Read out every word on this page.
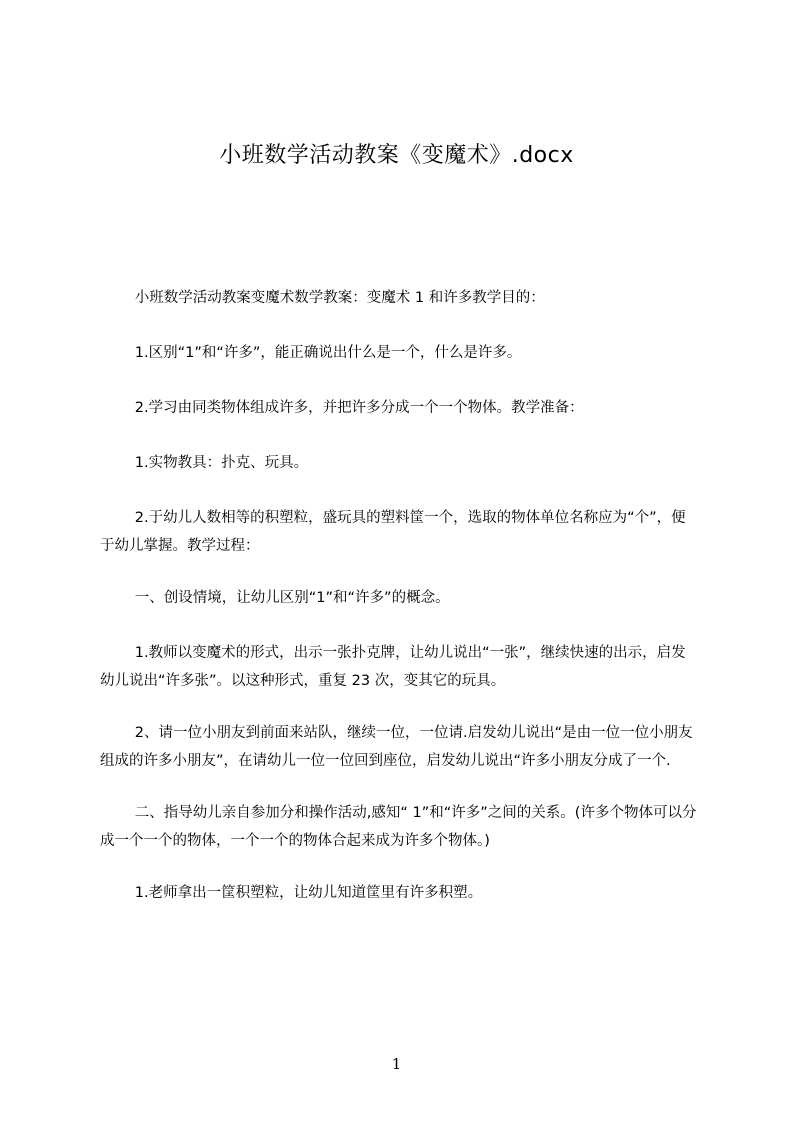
小班数学活动教案《变魔术》.docx

小班数学活动教案变魔术数学教案：变魔术 1 和许多教学目的：

1.区别“1”和“许多”，能正确说出什么是一个，什么是许多。

2.学习由同类物体组成许多，并把许多分成一个一个物体。教学准备：

1.实物教具：扑克、玩具。

2.于幼儿人数相等的积塑粒，盛玩具的塑料筐一个，选取的物体单位名称应为“个”，便于幼儿掌握。教学过程：

一、创设情境，让幼儿区别“1”和“许多”的概念。

1.教师以变魔术的形式，出示一张扑克牌，让幼儿说出“一张”，继续快速的出示，启发幼儿说出“许多张”。以这种形式，重复 23 次，变其它的玩具。

2、请一位小朋友到前面来站队，继续一位，一位请.启发幼儿说出“是由一位一位小朋友组成的许多小朋友”，在请幼儿一位一位回到座位，启发幼儿说出“许多小朋友分成了一个.

二、指导幼儿亲自参加分和操作活动,感知“ 1”和“许多”之间的关系。(许多个物体可以分成一个一个的物体，一个一个的物体合起来成为许多个物体。)

1.老师拿出一筐积塑粒，让幼儿知道筐里有许多积塑。

1
